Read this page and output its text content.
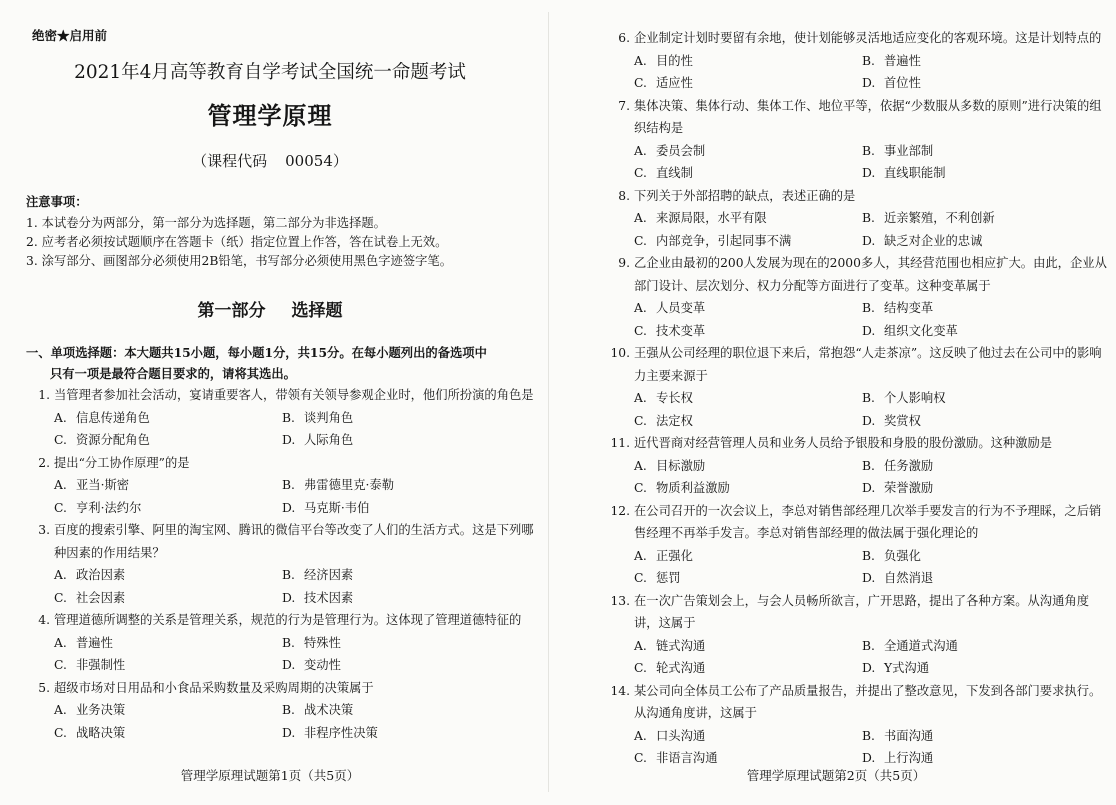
绝密★启用前
2021年4月高等教育自学考试全国统一命题考试
管理学原理
（课程代码 00054）
注意事项：
1. 本试卷分为两部分，第一部分为选择题，第二部分为非选择题。
2. 应考者必须按试题顺序在答题卡（纸）指定位置上作答，答在试卷上无效。
3. 涂写部分、画图部分必须使用2B铅笔，书写部分必须使用黑色字迹签字笔。
第一部分 选择题
一、单项选择题：本大题共15小题，每小题1分，共15分。在每小题列出的备选项中
只有一项是最符合题目要求的，请将其选出。
1. 当管理者参加社会活动，宴请重要客人，带领有关领导参观企业时，他们所扮演的角色是
A. 信息传递角色	B. 谈判角色
C. 资源分配角色	D. 人际角色
2. 提出“分工协作原理”的是
A. 亚当·斯密	B. 弗雷德里克·泰勒
C. 亨利·法约尔	D. 马克斯·韦伯
3. 百度的搜索引擎、阿里的淘宝网、腾讯的微信平台等改变了人们的生活方式。这是下列哪种因素的作用结果？
A. 政治因素	B. 经济因素
C. 社会因素	D. 技术因素
4. 管理道德所调整的关系是管理关系，规范的行为是管理行为。这体现了管理道德特征的
A. 普遍性	B. 特殊性
C. 非强制性	D. 变动性
5. 超级市场对日用品和小食品采购数量及采购周期的决策属于
A. 业务决策	B. 战术决策
C. 战略决策	D. 非程序性决策
管理学原理试题第1页（共5页）
6. 企业制定计划时要留有余地，使计划能够灵活地适应变化的客观环境。这是计划特点的
A. 目的性	B. 普遍性
C. 适应性	D. 首位性
7. 集体决策、集体行动、集体工作、地位平等，依据“少数服从多数的原则”进行决策的组织结构是
A. 委员会制	B. 事业部制
C. 直线制	D. 直线职能制
8. 下列关于外部招聘的缺点，表述正确的是
A. 来源局限，水平有限	B. 近亲繁殖，不利创新
C. 内部竞争，引起同事不满	D. 缺乏对企业的忠诚
9. 乙企业由最初的200人发展为现在的2000多人，其经营范围也相应扩大。由此，企业从部门设计、层次划分、权力分配等方面进行了变革。这种变革属于
A. 人员变革	B. 结构变革
C. 技术变革	D. 组织文化变革
10. 王强从公司经理的职位退下来后，常抱怨“人走茶凉”。这反映了他过去在公司中的影响力主要来源于
A. 专长权	B. 个人影响权
C. 法定权	D. 奖赏权
11. 近代晋商对经营管理人员和业务人员给予银股和身股的股份激励。这种激励是
A. 目标激励	B. 任务激励
C. 物质利益激励	D. 荣誉激励
12. 在公司召开的一次会议上，李总对销售部经理几次举手要发言的行为不予理睬，之后销售经理不再举手发言。李总对销售部经理的做法属于强化理论的
A. 正强化	B. 负强化
C. 惩罚	D. 自然消退
13. 在一次广告策划会上，与会人员畅所欲言，广开思路，提出了各种方案。从沟通角度讲，这属于
A. 链式沟通	B. 全通道式沟通
C. 轮式沟通	D. Y式沟通
14. 某公司向全体员工公布了产品质量报告，并提出了整改意见，下发到各部门要求执行。从沟通角度讲，这属于
A. 口头沟通	B. 书面沟通
C. 非语言沟通	D. 上行沟通
管理学原理试题第2页（共5页）
